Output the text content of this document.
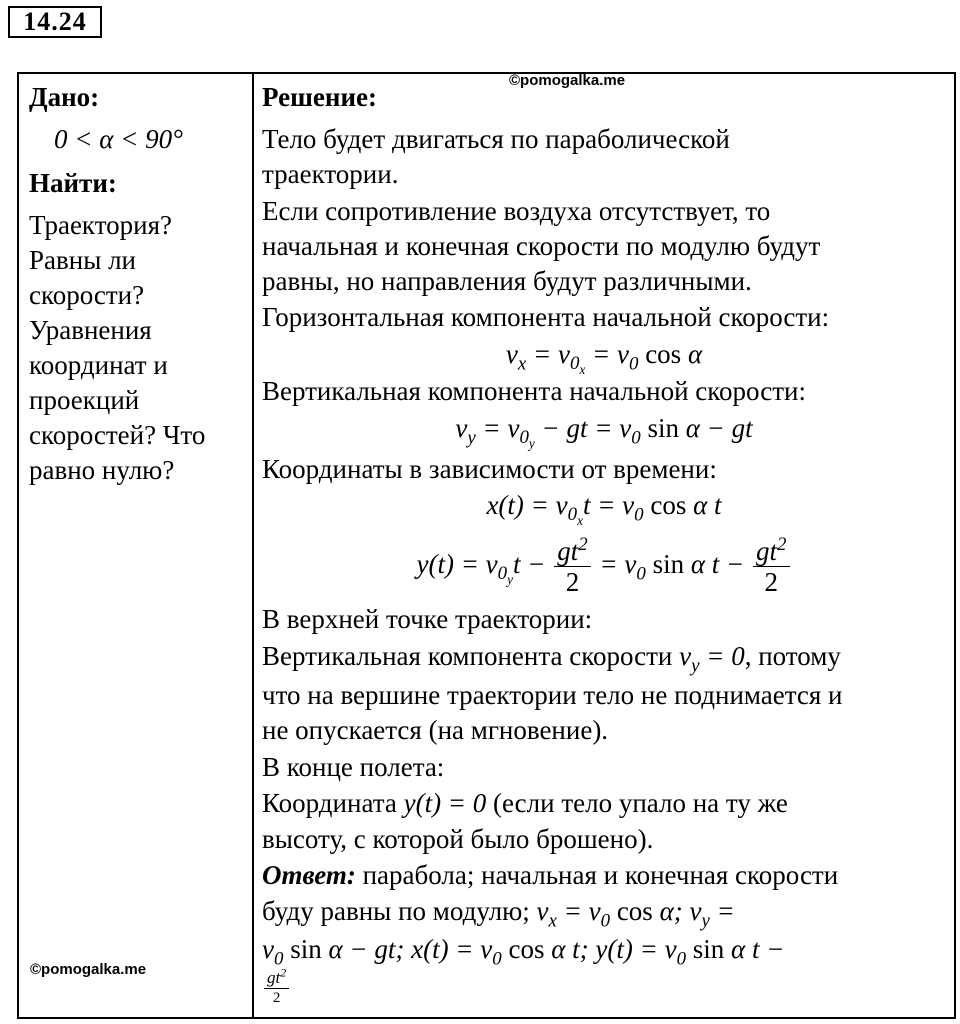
14.24
Дано:
0 < α < 90°
Найти:
Траектория?
Равны ли
скорости?
Уравнения
координат и
проекций
скоростей? Что
равно нулю?
©pomogalka.me
©pomogalka.me
Решение:
Тело будет двигаться по параболической
траектории.
Если сопротивление воздуха отсутствует, то
начальная и конечная скорости по модулю будут
равны, но направления будут различными.
Горизонтальная компонента начальной скорости:
$v_x = v_{0_x} = v_0$ cos α
Вертикальная компонента начальной скорости:
$v_y = v_{0_y}$ − gt = $v_0$ sin α − gt
Координаты в зависимости от времени:
$x(t) = v_{0_x}t = v_0$ cos α t
$y(t) = v_{0_y}t - \frac{gt^2}{2} = v_0$ sin α $t - \frac{gt^2}{2}$
В верхней точке траектории:
Вертикальная компонента скорости $v_y = 0$, потому
что на вершине траектории тело не поднимается и
не опускается (на мгновение).
В конце полета:
Координата y(t) = 0 (если тело упало на ту же
высоту, с которой было брошено).
Ответ: парабола; начальная и конечная скорости
буду равны по модулю; $v_x = v_0$ cos α; $v_y$ =
$v_0$ sin α − gt; $x(t) = v_0$ cos α t; $y(t) = v_0$ sin α t −
$\frac{gt^2}{2}$
